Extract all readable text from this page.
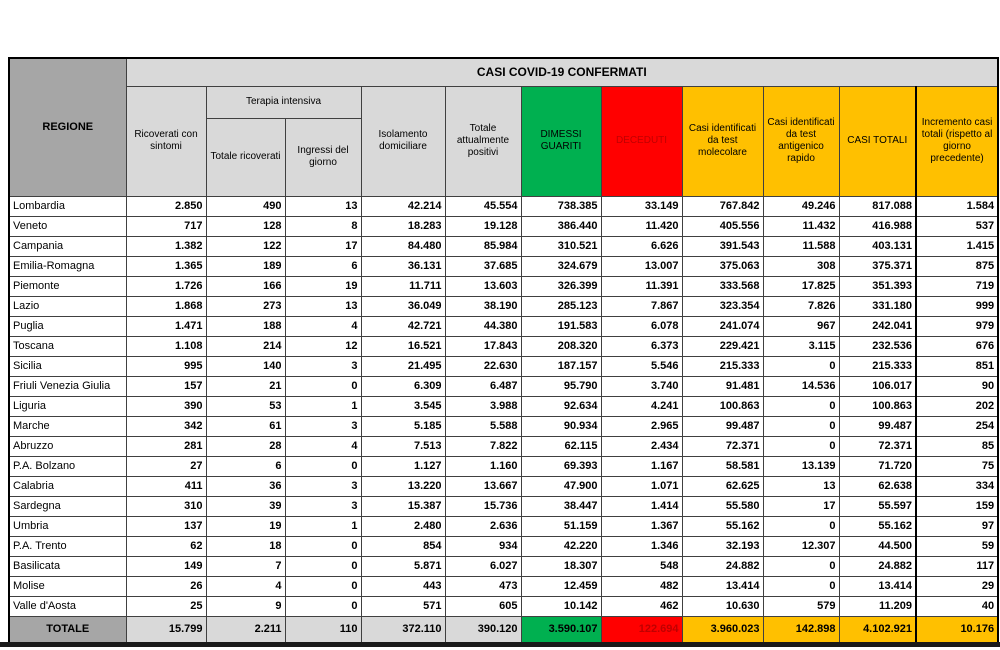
REGIONE	CASI COVID-19 CONFERMATI										
	Ricoverati con sintomi	Terapia intensiva		Isolamento domiciliare	Totale attualmente positivi	DIMESSI GUARITI	DECEDUTI	Casi identificati da test molecolare	Casi identificati da test antigenico rapido	CASI TOTALI	Incremento casi totali (rispetto al giorno precedente)
		Totale ricoverati	Ingressi del giorno								
Lombardia	2.850	490	13	42.214	45.554	738.385	33.149	767.842	49.246	817.088	1.584
Veneto	717	128	8	18.283	19.128	386.440	11.420	405.556	11.432	416.988	537
Campania	1.382	122	17	84.480	85.984	310.521	6.626	391.543	11.588	403.131	1.415
Emilia-Romagna	1.365	189	6	36.131	37.685	324.679	13.007	375.063	308	375.371	875
Piemonte	1.726	166	19	11.711	13.603	326.399	11.391	333.568	17.825	351.393	719
Lazio	1.868	273	13	36.049	38.190	285.123	7.867	323.354	7.826	331.180	999
Puglia	1.471	188	4	42.721	44.380	191.583	6.078	241.074	967	242.041	979
Toscana	1.108	214	12	16.521	17.843	208.320	6.373	229.421	3.115	232.536	676
Sicilia	995	140	3	21.495	22.630	187.157	5.546	215.333	0	215.333	851
Friuli Venezia Giulia	157	21	0	6.309	6.487	95.790	3.740	91.481	14.536	106.017	90
Liguria	390	53	1	3.545	3.988	92.634	4.241	100.863	0	100.863	202
Marche	342	61	3	5.185	5.588	90.934	2.965	99.487	0	99.487	254
Abruzzo	281	28	4	7.513	7.822	62.115	2.434	72.371	0	72.371	85
P.A. Bolzano	27	6	0	1.127	1.160	69.393	1.167	58.581	13.139	71.720	75
Calabria	411	36	3	13.220	13.667	47.900	1.071	62.625	13	62.638	334
Sardegna	310	39	3	15.387	15.736	38.447	1.414	55.580	17	55.597	159
Umbria	137	19	1	2.480	2.636	51.159	1.367	55.162	0	55.162	97
P.A. Trento	62	18	0	854	934	42.220	1.346	32.193	12.307	44.500	59
Basilicata	149	7	0	5.871	6.027	18.307	548	24.882	0	24.882	117
Molise	26	4	0	443	473	12.459	482	13.414	0	13.414	29
Valle d'Aosta	25	9	0	571	605	10.142	462	10.630	579	11.209	40
TOTALE	15.799	2.211	110	372.110	390.120	3.590.107	122.694	3.960.023	142.898	4.102.921	10.176
